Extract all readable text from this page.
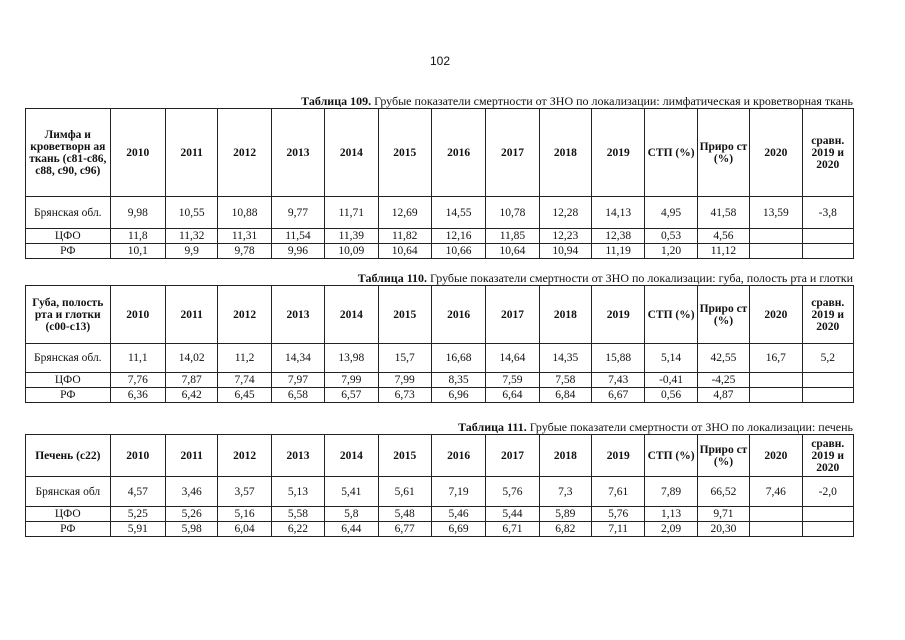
102
Таблица 109. Грубые показатели смертности от ЗНО по локализации: лимфатическая и кроветворная ткань
Лимфа и кроветворн ая ткань (c81-c86, c88, c90, c96)	2010	2011	2012	2013	2014	2015	2016	2017	2018	2019	СТП (%)	Приро ст (%)	2020	сравн. 2019 и 2020
Брянская обл.	9,98	10,55	10,88	9,77	11,71	12,69	14,55	10,78	12,28	14,13	4,95	41,58	13,59	-3,8
ЦФО	11,8	11,32	11,31	11,54	11,39	11,82	12,16	11,85	12,23	12,38	0,53	4,56		
РФ	10,1	9,9	9,78	9,96	10,09	10,64	10,66	10,64	10,94	11,19	1,20	11,12		
Таблица 110. Грубые показатели смертности от ЗНО по локализации: губа, полость рта и глотки
Губа, полость рта и глотки (c00-c13)	2010	2011	2012	2013	2014	2015	2016	2017	2018	2019	СТП (%)	Приро ст (%)	2020	сравн. 2019 и 2020
Брянская обл.	11,1	14,02	11,2	14,34	13,98	15,7	16,68	14,64	14,35	15,88	5,14	42,55	16,7	5,2
ЦФО	7,76	7,87	7,74	7,97	7,99	7,99	8,35	7,59	7,58	7,43	-0,41	-4,25		
РФ	6,36	6,42	6,45	6,58	6,57	6,73	6,96	6,64	6,84	6,67	0,56	4,87		
Таблица 111. Грубые показатели смертности от ЗНО по локализации: печень
Печень (c22)	2010	2011	2012	2013	2014	2015	2016	2017	2018	2019	СТП (%)	Приро ст (%)	2020	сравн. 2019 и 2020
Брянская обл	4,57	3,46	3,57	5,13	5,41	5,61	7,19	5,76	7,3	7,61	7,89	66,52	7,46	-2,0
ЦФО	5,25	5,26	5,16	5,58	5,8	5,48	5,46	5,44	5,89	5,76	1,13	9,71		
РФ	5,91	5,98	6,04	6,22	6,44	6,77	6,69	6,71	6,82	7,11	2,09	20,30		
